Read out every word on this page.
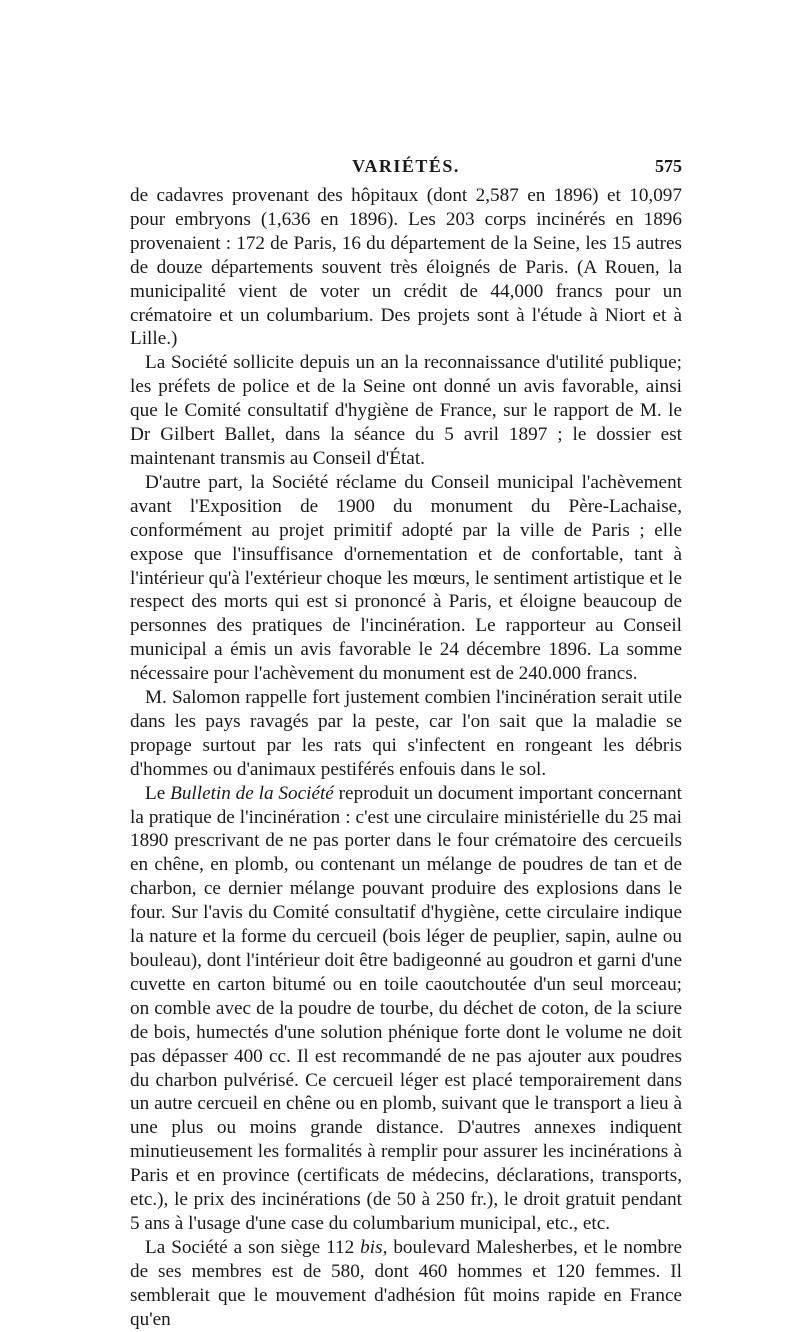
VARIÉTÉS.	575

de cadavres provenant des hôpitaux (dont 2,587 en 1896) et 10,097 pour embryons (1,636 en 1896). Les 203 corps incinérés en 1896 provenaient : 172 de Paris, 16 du département de la Seine, les 15 autres de douze départements souvent très éloignés de Paris. (A Rouen, la municipalité vient de voter un crédit de 44,000 francs pour un crématoire et un columbarium. Des projets sont à l'étude à Niort et à Lille.)

La Société sollicite depuis un an la reconnaissance d'utilité publique; les préfets de police et de la Seine ont donné un avis favorable, ainsi que le Comité consultatif d'hygiène de France, sur le rapport de M. le Dr Gilbert Ballet, dans la séance du 5 avril 1897 ; le dossier est maintenant transmis au Conseil d'État.

D'autre part, la Société réclame du Conseil municipal l'achèvement avant l'Exposition de 1900 du monument du Père-Lachaise, conformément au projet primitif adopté par la ville de Paris ; elle expose que l'insuffisance d'ornementation et de confortable, tant à l'intérieur qu'à l'extérieur choque les mœurs, le sentiment artistique et le respect des morts qui est si prononcé à Paris, et éloigne beaucoup de personnes des pratiques de l'incinération. Le rapporteur au Conseil municipal a émis un avis favorable le 24 décembre 1896. La somme nécessaire pour l'achèvement du monument est de 240.000 francs.

M. Salomon rappelle fort justement combien l'incinération serait utile dans les pays ravagés par la peste, car l'on sait que la maladie se propage surtout par les rats qui s'infectent en rongeant les débris d'hommes ou d'animaux pestiférés enfouis dans le sol.

Le Bulletin de la Société reproduit un document important concernant la pratique de l'incinération : c'est une circulaire ministérielle du 25 mai 1890 prescrivant de ne pas porter dans le four crématoire des cercueils en chêne, en plomb, ou contenant un mélange de poudres de tan et de charbon, ce dernier mélange pouvant produire des explosions dans le four. Sur l'avis du Comité consultatif d'hygiène, cette circulaire indique la nature et la forme du cercueil (bois léger de peuplier, sapin, aulne ou bouleau), dont l'intérieur doit être badigeonné au goudron et garni d'une cuvette en carton bitumé ou en toile caoutchoutée d'un seul morceau; on comble avec de la poudre de tourbe, du déchet de coton, de la sciure de bois, humectés d'une solution phénique forte dont le volume ne doit pas dépasser 400 cc. Il est recommandé de ne pas ajouter aux poudres du charbon pulvérisé. Ce cercueil léger est placé temporairement dans un autre cercueil en chêne ou en plomb, suivant que le transport a lieu à une plus ou moins grande distance. D'autres annexes indiquent minutieusement les formalités à remplir pour assurer les incinérations à Paris et en province (certificats de médecins, déclarations, transports, etc.), le prix des incinérations (de 50 à 250 fr.), le droit gratuit pendant 5 ans à l'usage d'une case du columbarium municipal, etc., etc.

La Société a son siège 112 bis, boulevard Malesherbes, et le nombre de ses membres est de 580, dont 460 hommes et 120 femmes. Il semblerait que le mouvement d'adhésion fût moins rapide en France qu'en
